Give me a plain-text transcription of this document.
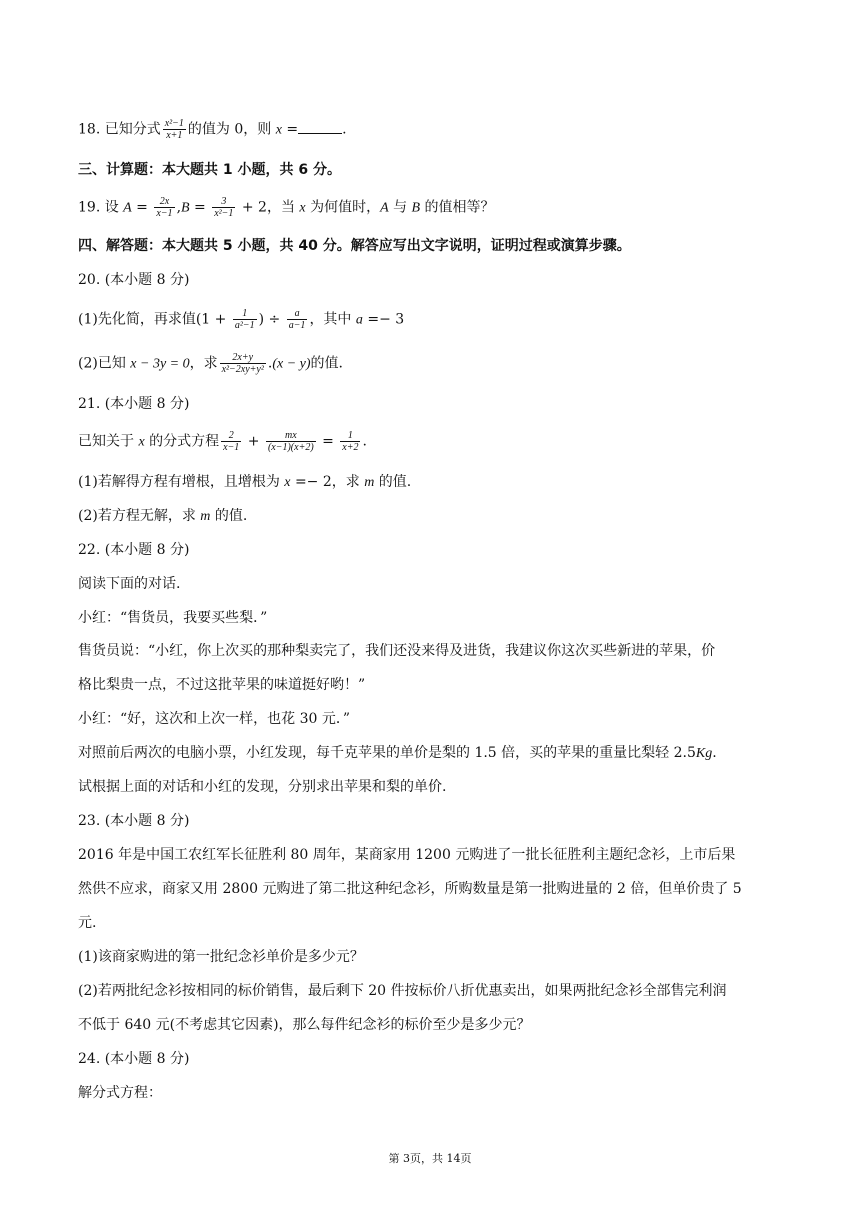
18. 已知分式 $\frac{\text{x²−1}}{x+1}$ 的值为 0，则 x =	.
三、计算题：本大题共 1 小题，共 6 分。
19. 设 $A = \frac{2x}{x-1} ,B = \frac{3}{\text{x²−1}} + 2$，当 x 为何值时，A 与 B 的值相等？
四、解答题：本大题共 5 小题，共 40 分。解答应写出文字说明，证明过程或演算步骤。
20. (本小题 8 分)
(1)先化简，再求值($1 + \frac{1}{\text{a²−1}}$ ) ÷ $\frac{a}{a-1}$ ，其中 a =− 3
(2)已知 x − 3y = 0，求 $\frac{2x+y}{\text{x²−2xy+y²}} .(x - y)$的值.
21. (本小题 8 分)
已知关于 x 的分式方程 $\frac{2}{x-1} + \frac{mx}{(x-1)(x+2)} = \frac{1}{x+2}$ .
(1)若解得方程有增根，且增根为 x =− 2，求 m 的值.
(2)若方程无解，求 m 的值.
22. (本小题 8 分)
阅读下面的对话.
小红：“售货员，我要买些梨．”
售货员说：“小红，你上次买的那种梨卖完了，我们还没来得及进货，我建议你这次买些新进的苹果，价
格比梨贵一点，不过这批苹果的味道挺好哟！”
小红：“好，这次和上次一样，也花 30 元．”
对照前后两次的电脑小票，小红发现，每千克苹果的单价是梨的 1.5 倍，买的苹果的重量比梨轻 2.5Kg.
试根据上面的对话和小红的发现，分别求出苹果和梨的单价.
23. (本小题 8 分)
2016 年是中国工农红军长征胜利 80 周年，某商家用 1200 元购进了一批长征胜利主题纪念衫，上市后果
然供不应求，商家又用 2800 元购进了第二批这种纪念衫，所购数量是第一批购进量的 2 倍，但单价贵了 5
元.
(1)该商家购进的第一批纪念衫单价是多少元？
(2)若两批纪念衫按相同的标价销售，最后剩下 20 件按标价八折优惠卖出，如果两批纪念衫全部售完利润
不低于 640 元(不考虑其它因素)，那么每件纪念衫的标价至少是多少元？
24. (本小题 8 分)
解分式方程：
第 3页，共 14页
